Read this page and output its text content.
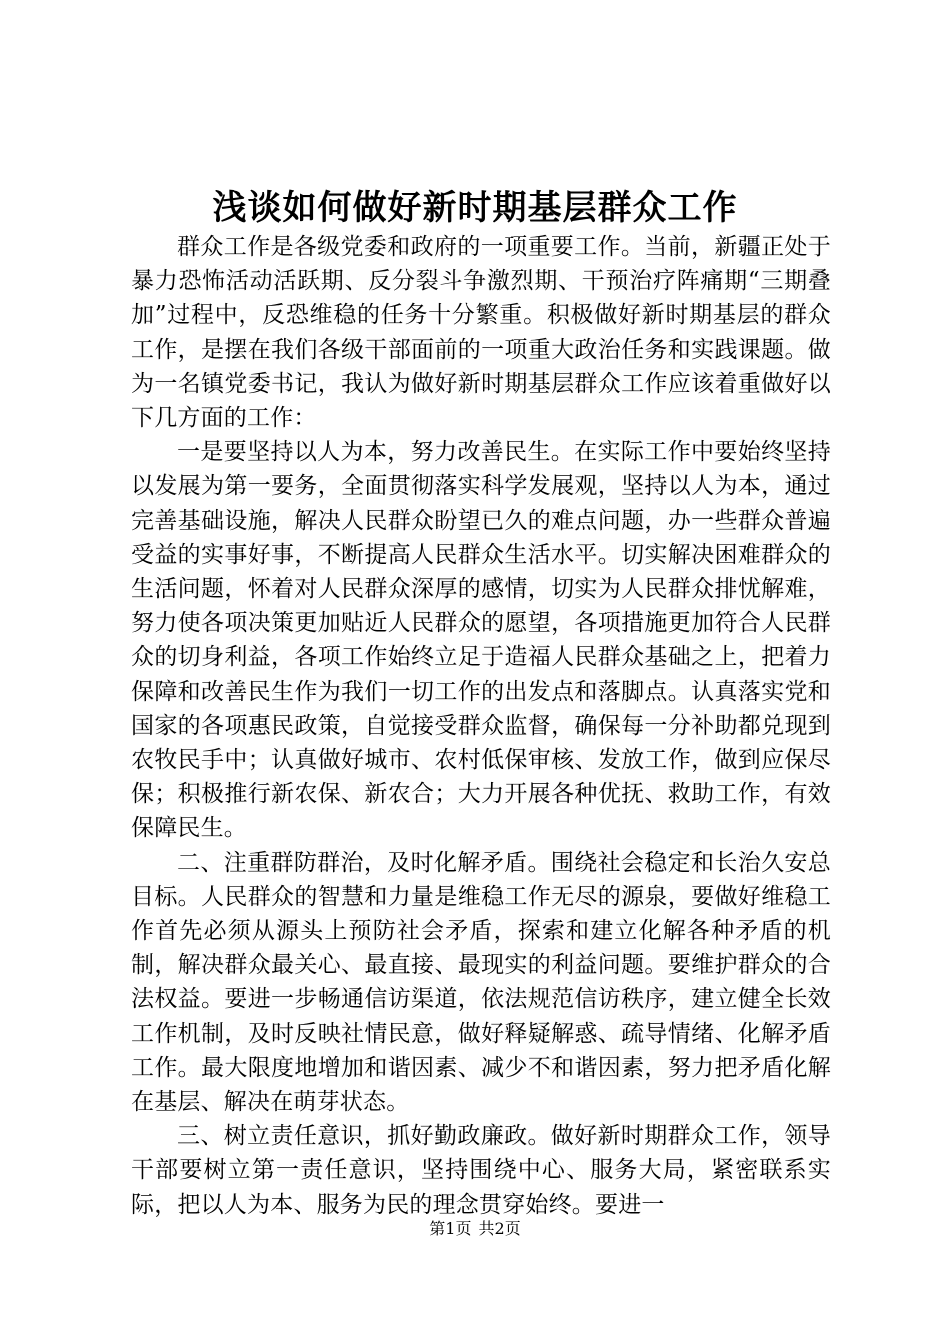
浅谈如何做好新时期基层群众工作

群众工作是各级党委和政府的一项重要工作。当前，新疆正处于暴力恐怖活动活跃期、反分裂斗争激烈期、干预治疗阵痛期“三期叠加”过程中，反恐维稳的任务十分繁重。积极做好新时期基层的群众工作，是摆在我们各级干部面前的一项重大政治任务和实践课题。做为一名镇党委书记，我认为做好新时期基层群众工作应该着重做好以下几方面的工作：

一是要坚持以人为本，努力改善民生。在实际工作中要始终坚持以发展为第一要务，全面贯彻落实科学发展观，坚持以人为本，通过完善基础设施，解决人民群众盼望已久的难点问题，办一些群众普遍受益的实事好事，不断提高人民群众生活水平。切实解决困难群众的生活问题，怀着对人民群众深厚的感情，切实为人民群众排忧解难，努力使各项决策更加贴近人民群众的愿望，各项措施更加符合人民群众的切身利益，各项工作始终立足于造福人民群众基础之上，把着力保障和改善民生作为我们一切工作的出发点和落脚点。认真落实党和国家的各项惠民政策，自觉接受群众监督，确保每一分补助都兑现到农牧民手中；认真做好城市、农村低保审核、发放工作，做到应保尽保；积极推行新农保、新农合；大力开展各种优抚、救助工作，有效保障民生。

二、注重群防群治，及时化解矛盾。围绕社会稳定和长治久安总目标。人民群众的智慧和力量是维稳工作无尽的源泉，要做好维稳工作首先必须从源头上预防社会矛盾，探索和建立化解各种矛盾的机制，解决群众最关心、最直接、最现实的利益问题。要维护群众的合法权益。要进一步畅通信访渠道，依法规范信访秩序，建立健全长效工作机制，及时反映社情民意，做好释疑解惑、疏导情绪、化解矛盾工作。最大限度地增加和谐因素、减少不和谐因素，努力把矛盾化解在基层、解决在萌芽状态。

三、树立责任意识，抓好勤政廉政。做好新时期群众工作，领导干部要树立第一责任意识，坚持围绕中心、服务大局，紧密联系实际，把以人为本、服务为民的理念贯穿始终。要进一

第1页 共2页
